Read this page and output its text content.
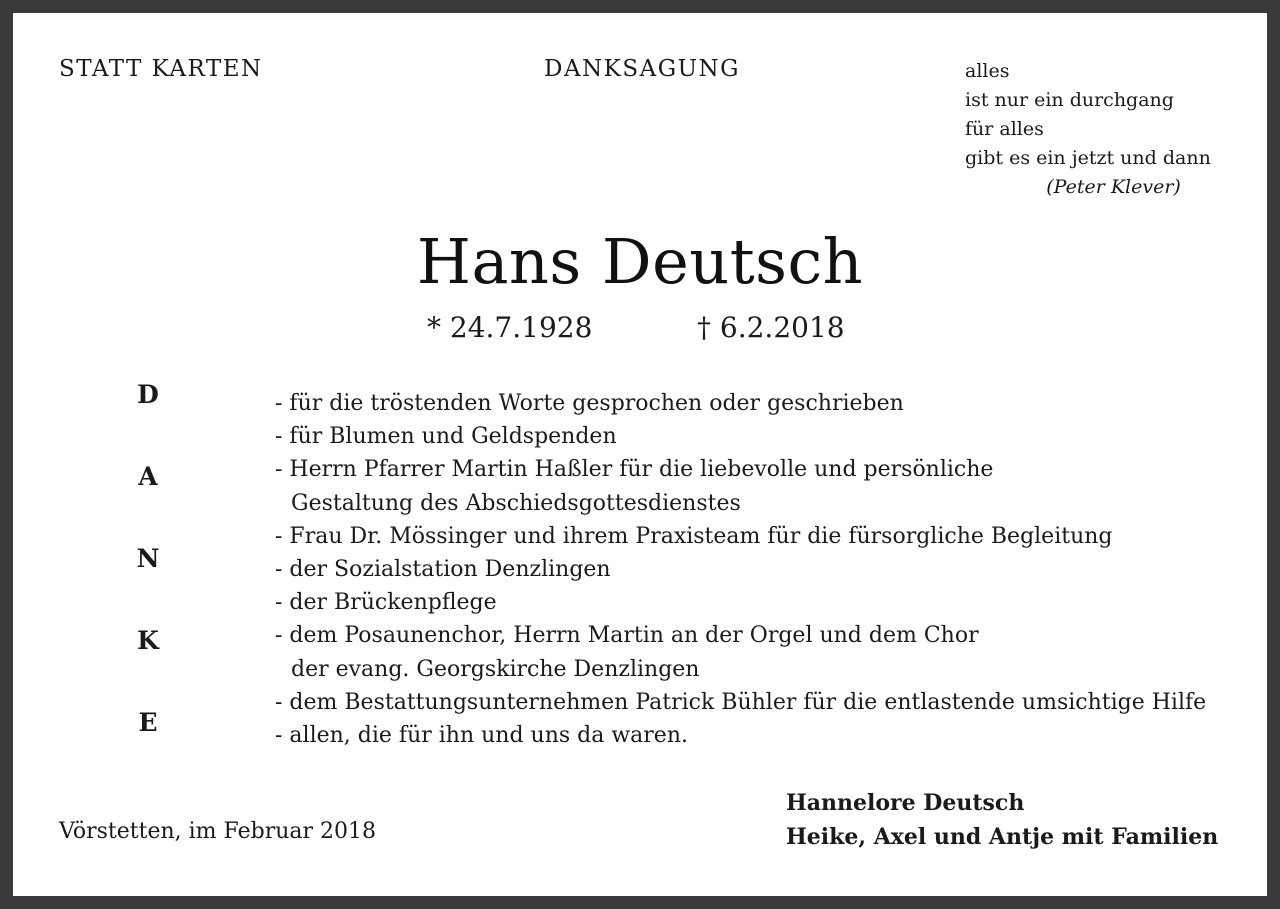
STATT KARTEN	DANKSAGUNG	alles
ist nur ein durchgang
für alles
gibt es ein jetzt und dann
(Peter Klever)
Hans Deutsch
* 24.7.1928	† 6.2.2018
D
A
N
K
E
- für die tröstenden Worte gesprochen oder geschrieben
- für Blumen und Geldspenden
- Herrn Pfarrer Martin Haßler für die liebevolle und persönliche
Gestaltung des Abschiedsgottesdienstes
- Frau Dr. Mössinger und ihrem Praxisteam für die fürsorgliche Begleitung
- der Sozialstation Denzlingen
- der Brückenpflege
- dem Posaunenchor, Herrn Martin an der Orgel und dem Chor
der evang. Georgskirche Denzlingen
- dem Bestattungsunternehmen Patrick Bühler für die entlastende umsichtige Hilfe
- allen, die für ihn und uns da waren.
Vörstetten, im Februar 2018
Hannelore Deutsch
Heike, Axel und Antje mit Familien
